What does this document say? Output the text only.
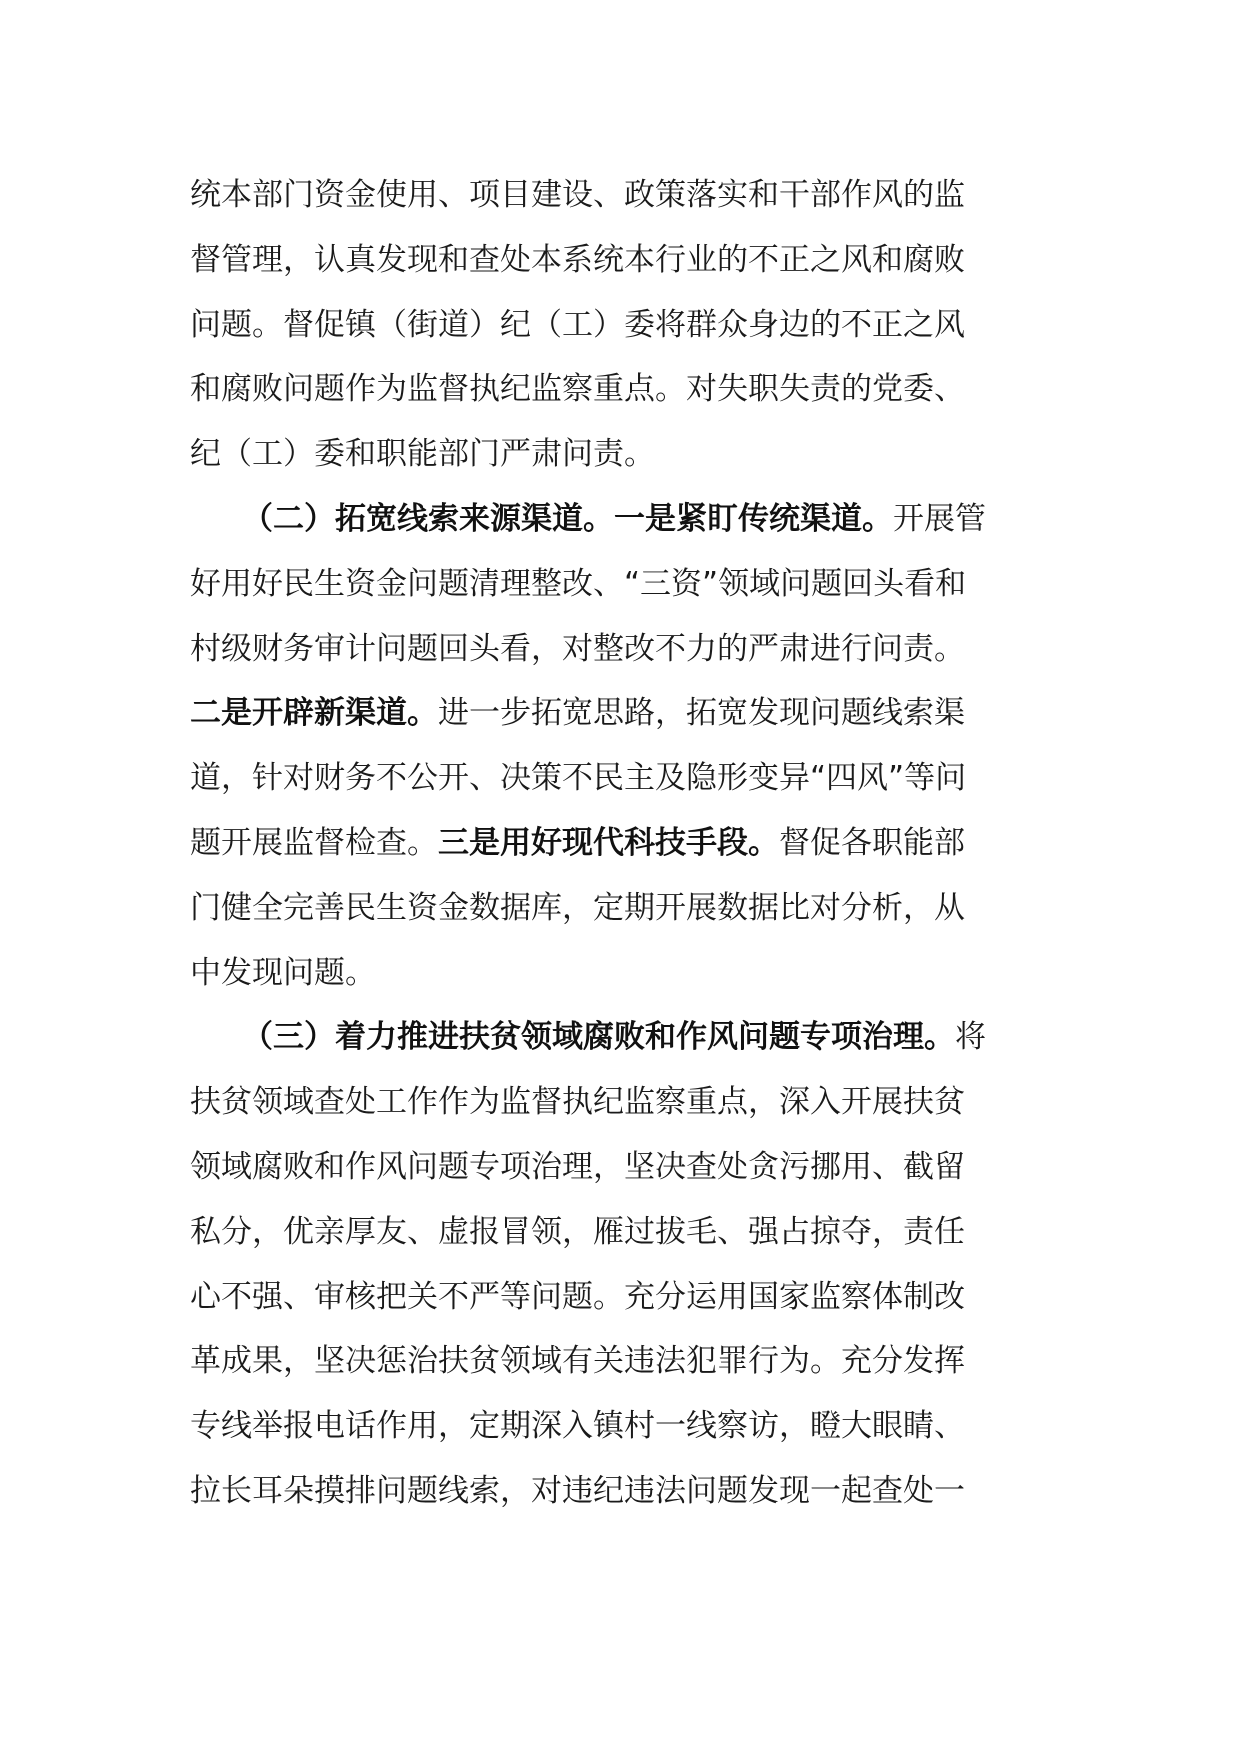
统本部门资金使用、项目建设、政策落实和干部作风的监
督管理，认真发现和查处本系统本行业的不正之风和腐败
问题。督促镇（街道）纪（工）委将群众身边的不正之风
和腐败问题作为监督执纪监察重点。对失职失责的党委、
纪（工）委和职能部门严肃问责。
（二）拓宽线索来源渠道。一是紧盯传统渠道。开展管
好用好民生资金问题清理整改、“三资”领域问题回头看和
村级财务审计问题回头看，对整改不力的严肃进行问责。
二是开辟新渠道。进一步拓宽思路，拓宽发现问题线索渠
道，针对财务不公开、决策不民主及隐形变异“四风”等问
题开展监督检查。三是用好现代科技手段。督促各职能部
门健全完善民生资金数据库，定期开展数据比对分析，从
中发现问题。
（三）着力推进扶贫领域腐败和作风问题专项治理。将
扶贫领域查处工作作为监督执纪监察重点，深入开展扶贫
领域腐败和作风问题专项治理，坚决查处贪污挪用、截留
私分，优亲厚友、虚报冒领，雁过拔毛、强占掠夺，责任
心不强、审核把关不严等问题。充分运用国家监察体制改
革成果，坚决惩治扶贫领域有关违法犯罪行为。充分发挥
专线举报电话作用，定期深入镇村一线察访，瞪大眼睛、
拉长耳朵摸排问题线索，对违纪违法问题发现一起查处一
